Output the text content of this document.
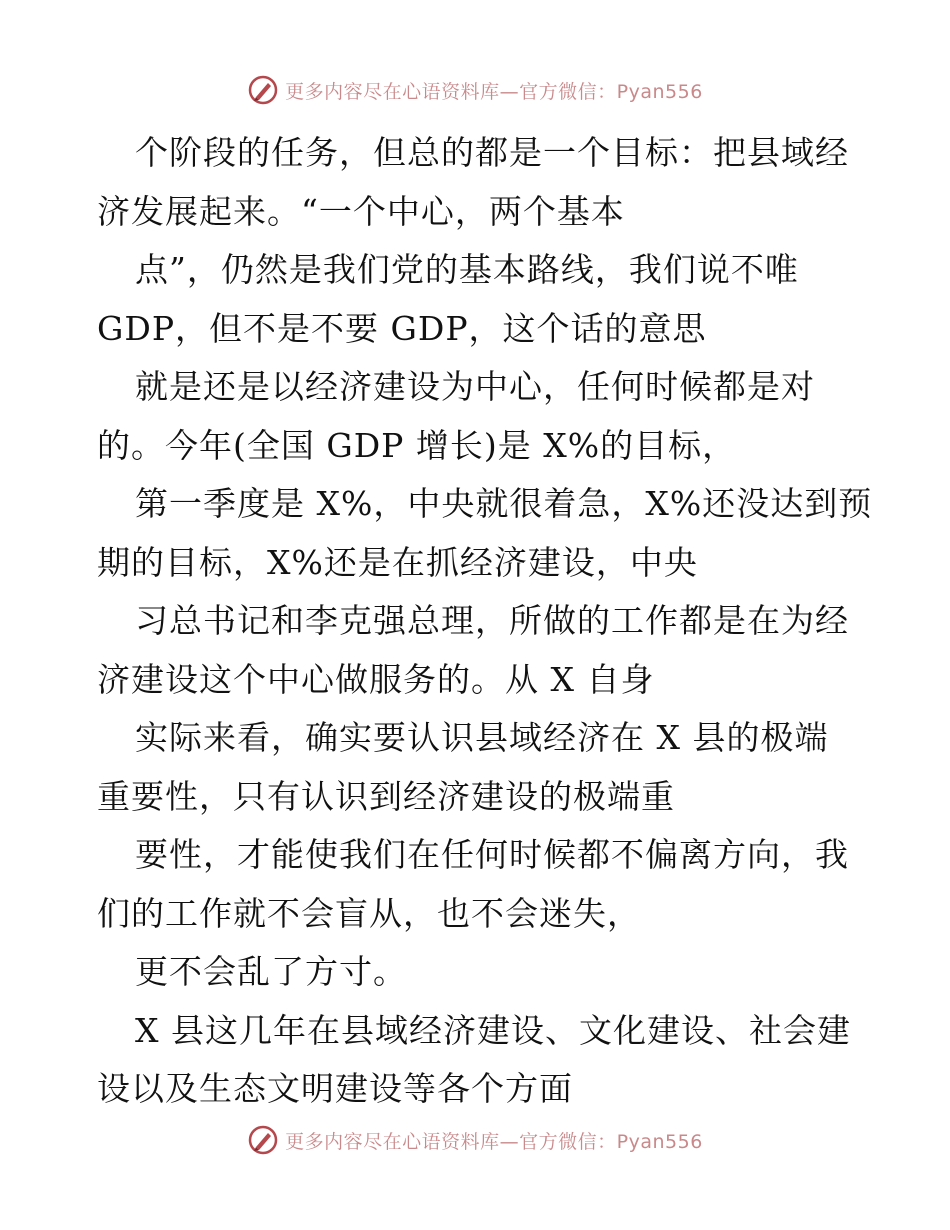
更多内容尽在心语资料库—官方微信：Pyan556
个阶段的任务，但总的都是一个目标：把县域经
济发展起来。“一个中心，两个基本
点”，仍然是我们党的基本路线，我们说不唯
GDP，但不是不要 GDP，这个话的意思
就是还是以经济建设为中心，任何时候都是对
的。今年(全国 GDP 增长)是 X%的目标，
第一季度是 X%，中央就很着急，X%还没达到预
期的目标，X%还是在抓经济建设，中央
习总书记和李克强总理，所做的工作都是在为经
济建设这个中心做服务的。从 X 自身
实际来看，确实要认识县域经济在 X 县的极端
重要性，只有认识到经济建设的极端重
要性，才能使我们在任何时候都不偏离方向，我
们的工作就不会盲从，也不会迷失，
更不会乱了方寸。
X 县这几年在县域经济建设、文化建设、社会建
设以及生态文明建设等各个方面
更多内容尽在心语资料库—官方微信：Pyan556
